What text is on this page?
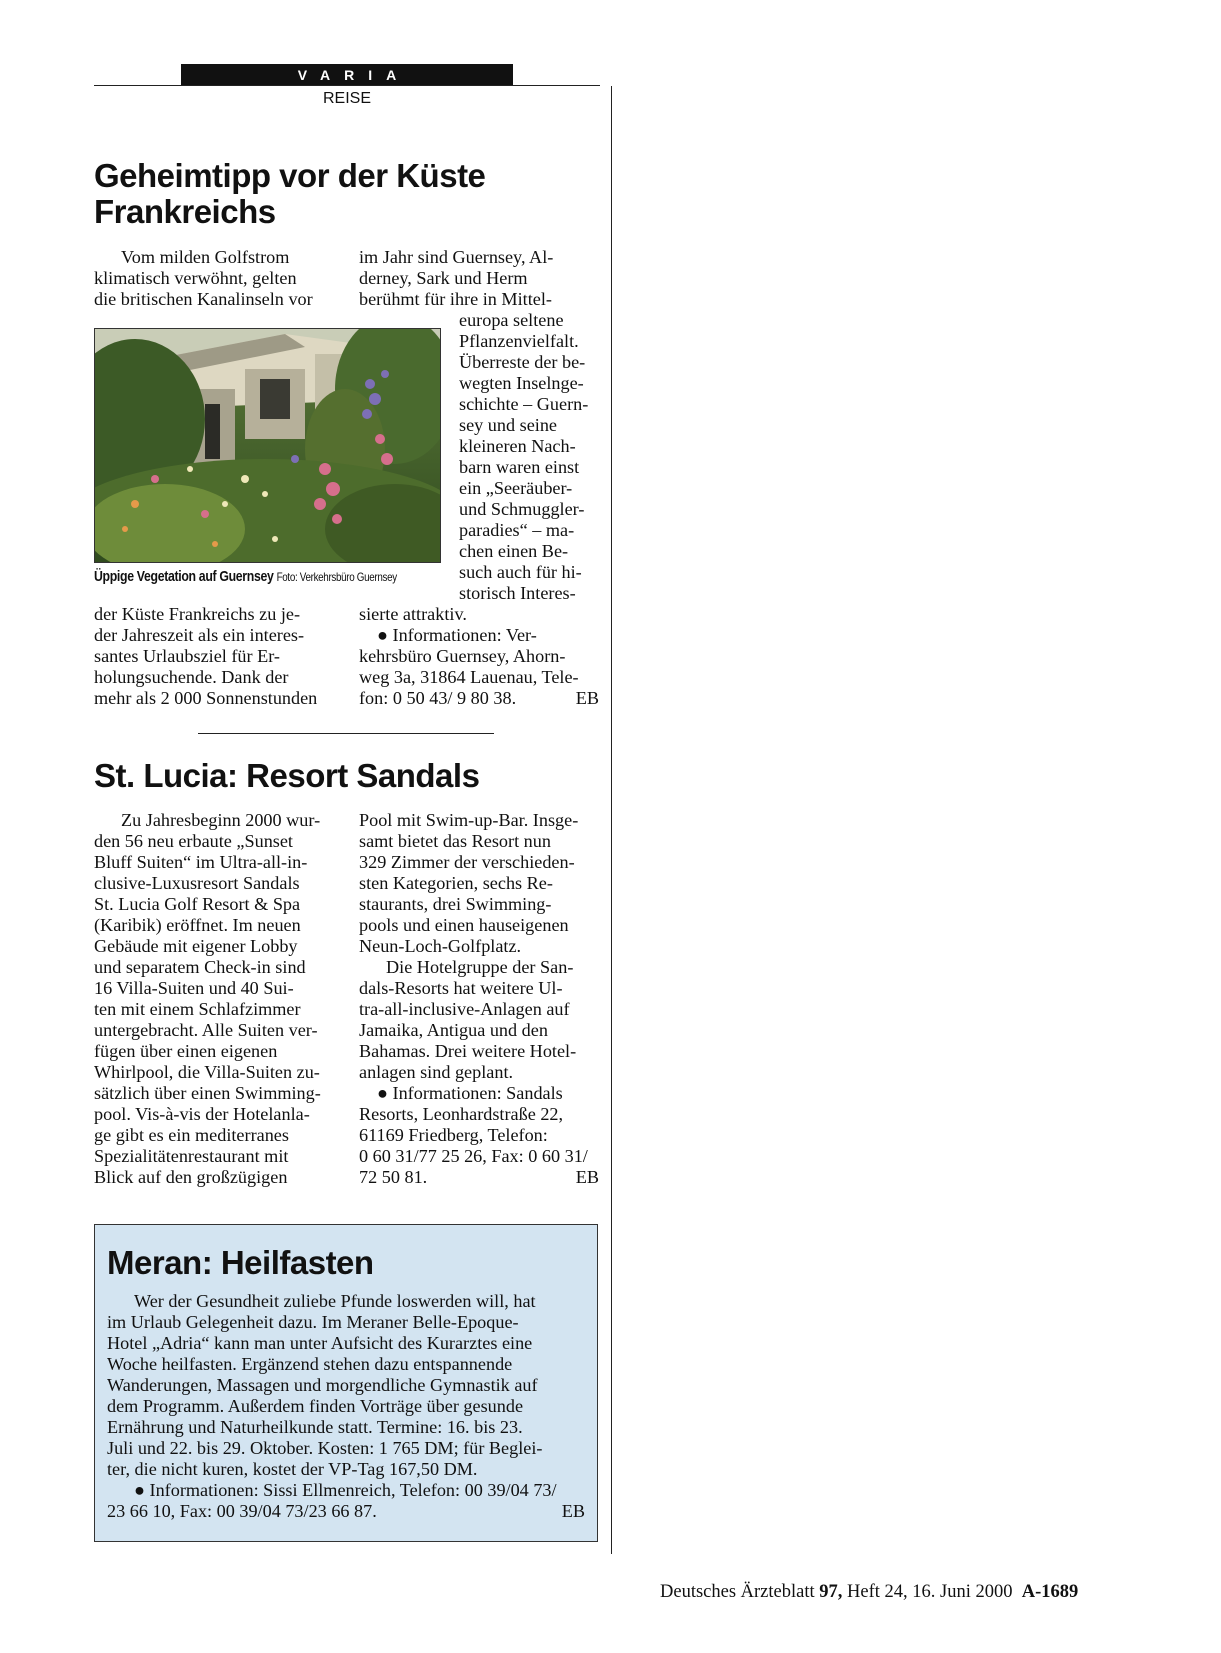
VARIA
REISE
Geheimtipp vor der Küste
Frankreichs

Vom milden Golfstrom

klimatisch verwöhnt, gelten

die britischen Kanalinseln vor

Üppige Vegetation auf Guernsey Foto: Verkehrsbüro Guernsey

der Küste Frankreichs zu je-

der Jahreszeit als ein interes-

santes Urlaubsziel für Er-

holungsuchende. Dank der

mehr als 2 000 Sonnenstunden

im Jahr sind Guernsey, Al-

derney, Sark und Herm

berühmt für ihre in Mittel-

europa seltene

Pflanzenvielfalt.

Überreste der be-

wegten Inselnge-

schichte – Guern-

sey und seine

kleineren Nach-

barn waren einst

ein „Seeräuber-

und Schmuggler-

paradies“ – ma-

chen einen Be-

such auch für hi-

storisch Interes-

sierte attraktiv.

● Informationen: Ver-

kehrsbüro Guernsey, Ahorn-

weg 3a, 31864 Lauenau, Tele-

fon: 0 50 43/ 9 80 38.	EB

St. Lucia: Resort Sandals

Zu Jahresbeginn 2000 wur-

den 56 neu erbaute „Sunset

Bluff Suiten“ im Ultra-all-in-

clusive-Luxusresort Sandals

St. Lucia Golf Resort & Spa

(Karibik) eröffnet. Im neuen

Gebäude mit eigener Lobby

und separatem Check-in sind

16 Villa-Suiten und 40 Sui-

ten mit einem Schlafzimmer

untergebracht. Alle Suiten ver-

fügen über einen eigenen

Whirlpool, die Villa-Suiten zu-

sätzlich über einen Swimming-

pool. Vis-à-vis der Hotelanla-

ge gibt es ein mediterranes

Spezialitätenrestaurant mit

Blick auf den großzügigen

Pool mit Swim-up-Bar. Insge-

samt bietet das Resort nun

329 Zimmer der verschieden-

sten Kategorien, sechs Re-

staurants, drei Swimming-

pools und einen hauseigenen

Neun-Loch-Golfplatz.

Die Hotelgruppe der San-

dals-Resorts hat weitere Ul-

tra-all-inclusive-Anlagen auf

Jamaika, Antigua und den

Bahamas. Drei weitere Hotel-

anlagen sind geplant.

● Informationen: Sandals

Resorts, Leonhardstraße 22,

61169 Friedberg, Telefon:

0 60 31/77 25 26, Fax: 0 60 31/

72 50 81.	EB

Meran: Heilfasten

Wer der Gesundheit zuliebe Pfunde loswerden will, hat

im Urlaub Gelegenheit dazu. Im Meraner Belle-Epoque-

Hotel „Adria“ kann man unter Aufsicht des Kurarztes eine

Woche heilfasten. Ergänzend stehen dazu entspannende

Wanderungen, Massagen und morgendliche Gymnastik auf

dem Programm. Außerdem finden Vorträge über gesunde

Ernährung und Naturheilkunde statt. Termine: 16. bis 23.

Juli und 22. bis 29. Oktober. Kosten: 1 765 DM; für Beglei-

ter, die nicht kuren, kostet der VP-Tag 167,50 DM.

● Informationen: Sissi Ellmenreich, Telefon: 00 39/04 73/

23 66 10, Fax: 00 39/04 73/23 66 87.	EB

Deutsches Ärzteblatt 97, Heft 24, 16. Juni 2000 A-1689
